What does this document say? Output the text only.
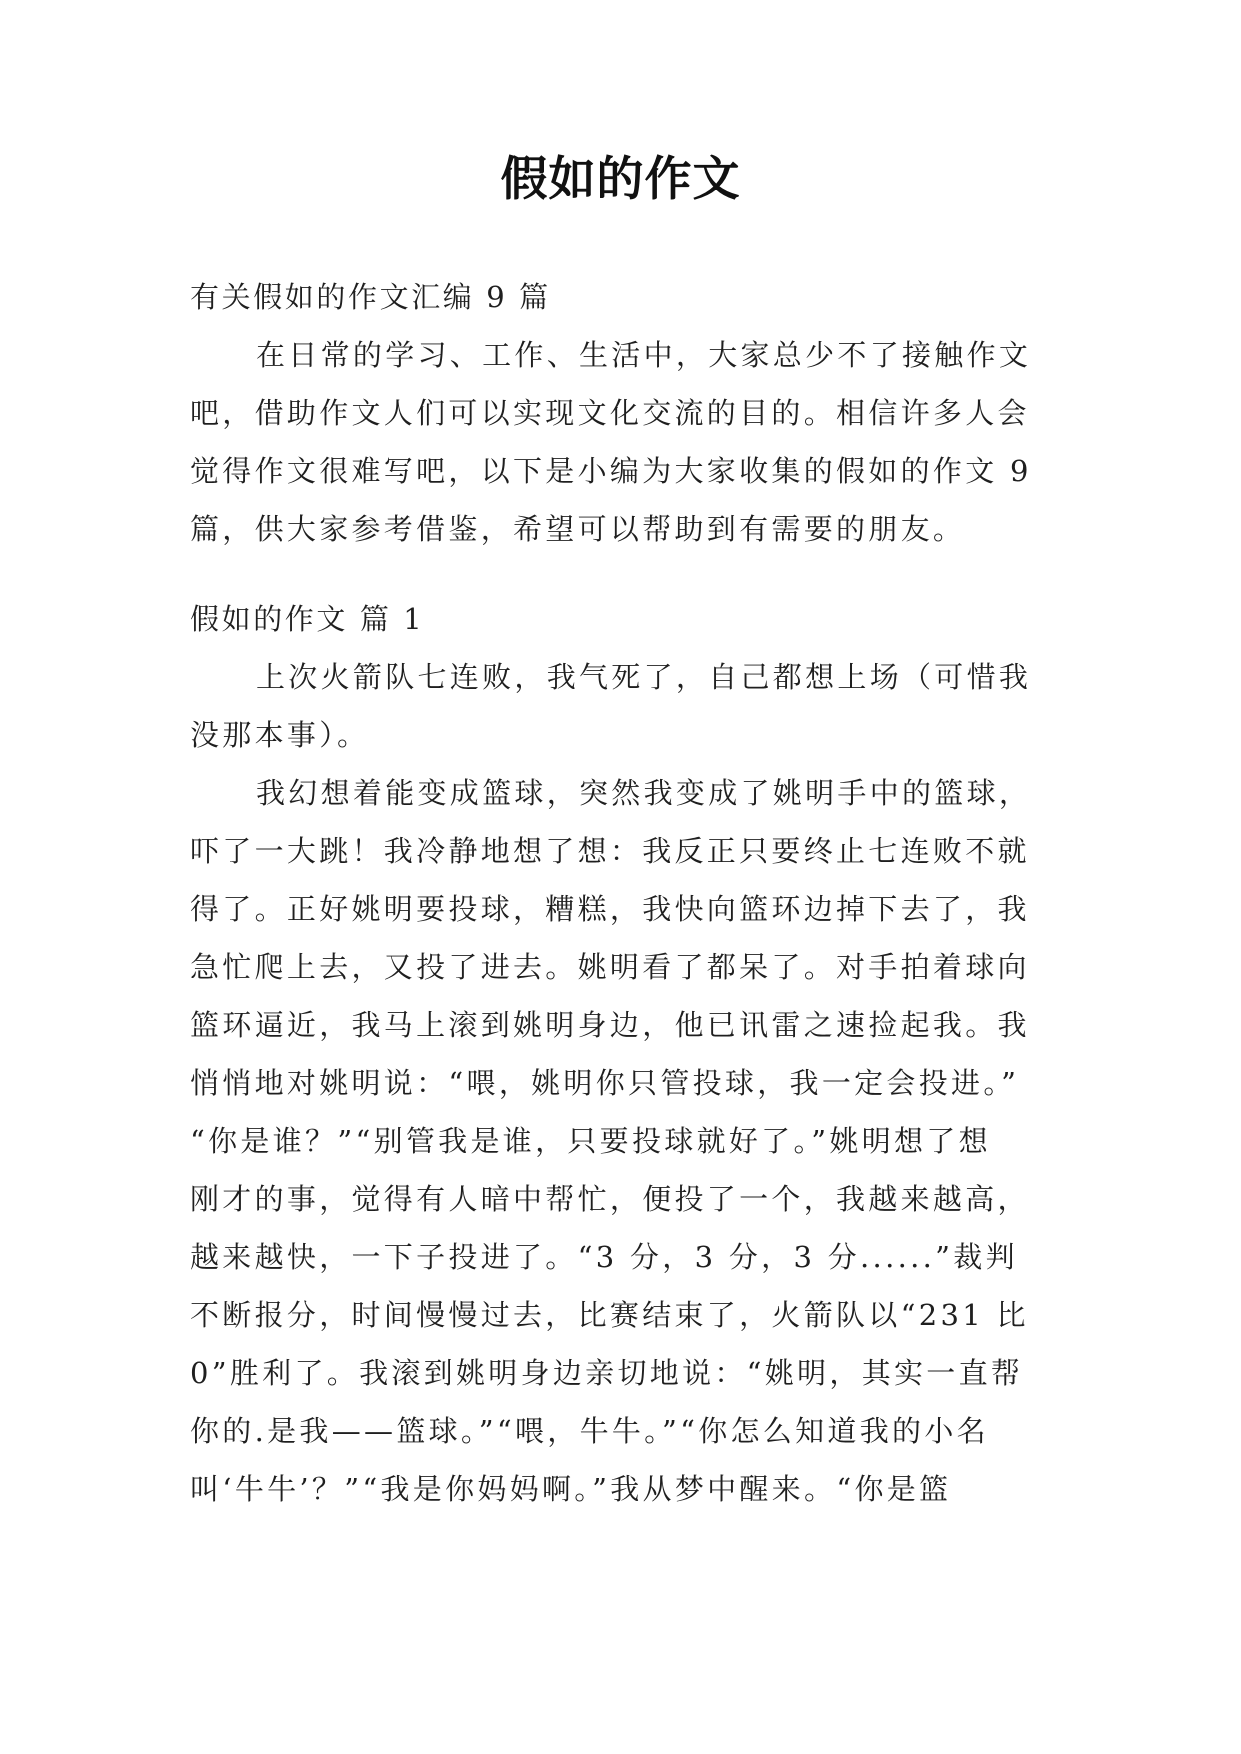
假如的作文
有关假如的作文汇编 9 篇
在日常的学习、工作、生活中，大家总少不了接触作文
吧，借助作文人们可以实现文化交流的目的。相信许多人会
觉得作文很难写吧，以下是小编为大家收集的假如的作文 9
篇，供大家参考借鉴，希望可以帮助到有需要的朋友。
假如的作文 篇 1
上次火箭队七连败，我气死了，自己都想上场（可惜我
没那本事）。
我幻想着能变成篮球，突然我变成了姚明手中的篮球，
吓了一大跳！我冷静地想了想：我反正只要终止七连败不就
得了。正好姚明要投球，糟糕，我快向篮环边掉下去了，我
急忙爬上去，又投了进去。姚明看了都呆了。对手拍着球向
篮环逼近，我马上滚到姚明身边，他已讯雷之速捡起我。我
悄悄地对姚明说：“喂，姚明你只管投球，我一定会投进。”
“你是谁？”“别管我是谁，只要投球就好了。”姚明想了想
刚才的事，觉得有人暗中帮忙，便投了一个，我越来越高，
越来越快，一下子投进了。“3 分，3 分，3 分......”裁判
不断报分，时间慢慢过去，比赛结束了，火箭队以“231 比
0”胜利了。我滚到姚明身边亲切地说：“姚明，其实一直帮
你的.是我——篮球。”“喂，牛牛。”“你怎么知道我的小名
叫‘牛牛’？”“我是你妈妈啊。”我从梦中醒来。“你是篮
